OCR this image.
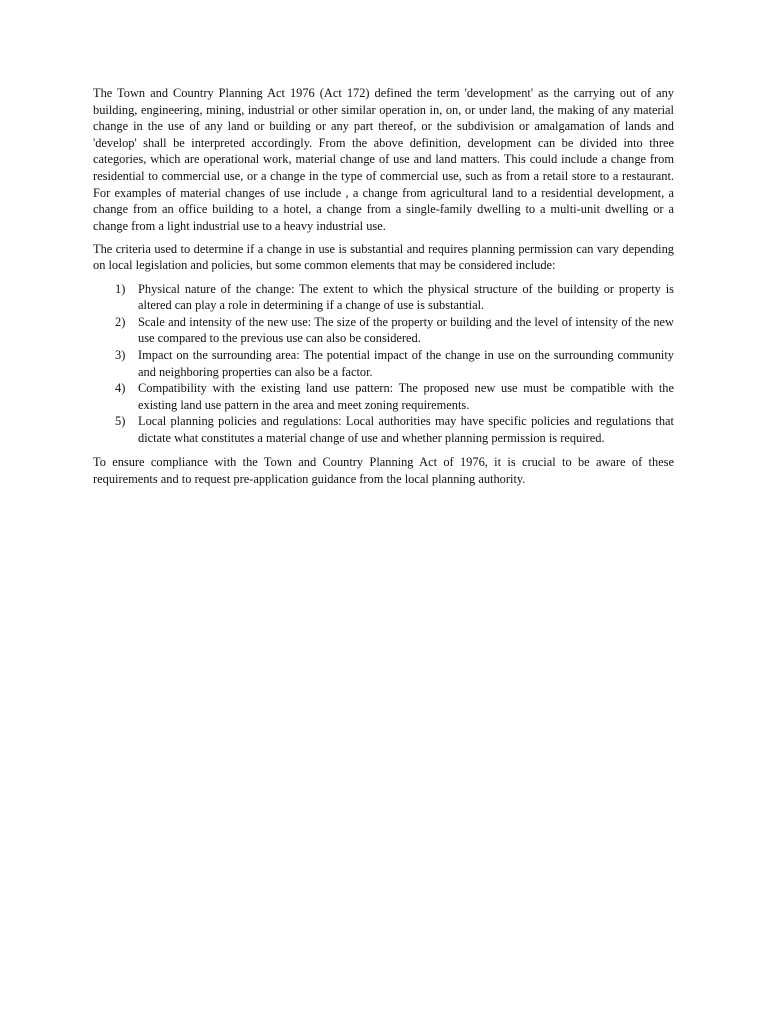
The Town and Country Planning Act 1976 (Act 172) defined the term 'development' as the carrying out of any building, engineering, mining, industrial or other similar operation in, on, or under land, the making of any material change in the use of any land or building or any part thereof, or the subdivision or amalgamation of lands and 'develop' shall be interpreted accordingly. From the above definition, development can be divided into three categories, which are operational work, material change of use and land matters. This could include a change from residential to commercial use, or a change in the type of commercial use, such as from a retail store to a restaurant. For examples of material changes of use include , a change from agricultural land to a residential development, a change from an office building to a hotel, a change from a single-family dwelling to a multi-unit dwelling or a change from a light industrial use to a heavy industrial use.

The criteria used to determine if a change in use is substantial and requires planning permission can vary depending on local legislation and policies, but some common elements that may be considered include:

1)	Physical nature of the change: The extent to which the physical structure of the building or property is altered can play a role in determining if a change of use is substantial.
2)	Scale and intensity of the new use: The size of the property or building and the level of intensity of the new use compared to the previous use can also be considered.
3)	Impact on the surrounding area: The potential impact of the change in use on the surrounding community and neighboring properties can also be a factor.
4)	Compatibility with the existing land use pattern: The proposed new use must be compatible with the existing land use pattern in the area and meet zoning requirements.
5)	Local planning policies and regulations: Local authorities may have specific policies and regulations that dictate what constitutes a material change of use and whether planning permission is required.

To ensure compliance with the Town and Country Planning Act of 1976, it is crucial to be aware of these requirements and to request pre-application guidance from the local planning authority.
